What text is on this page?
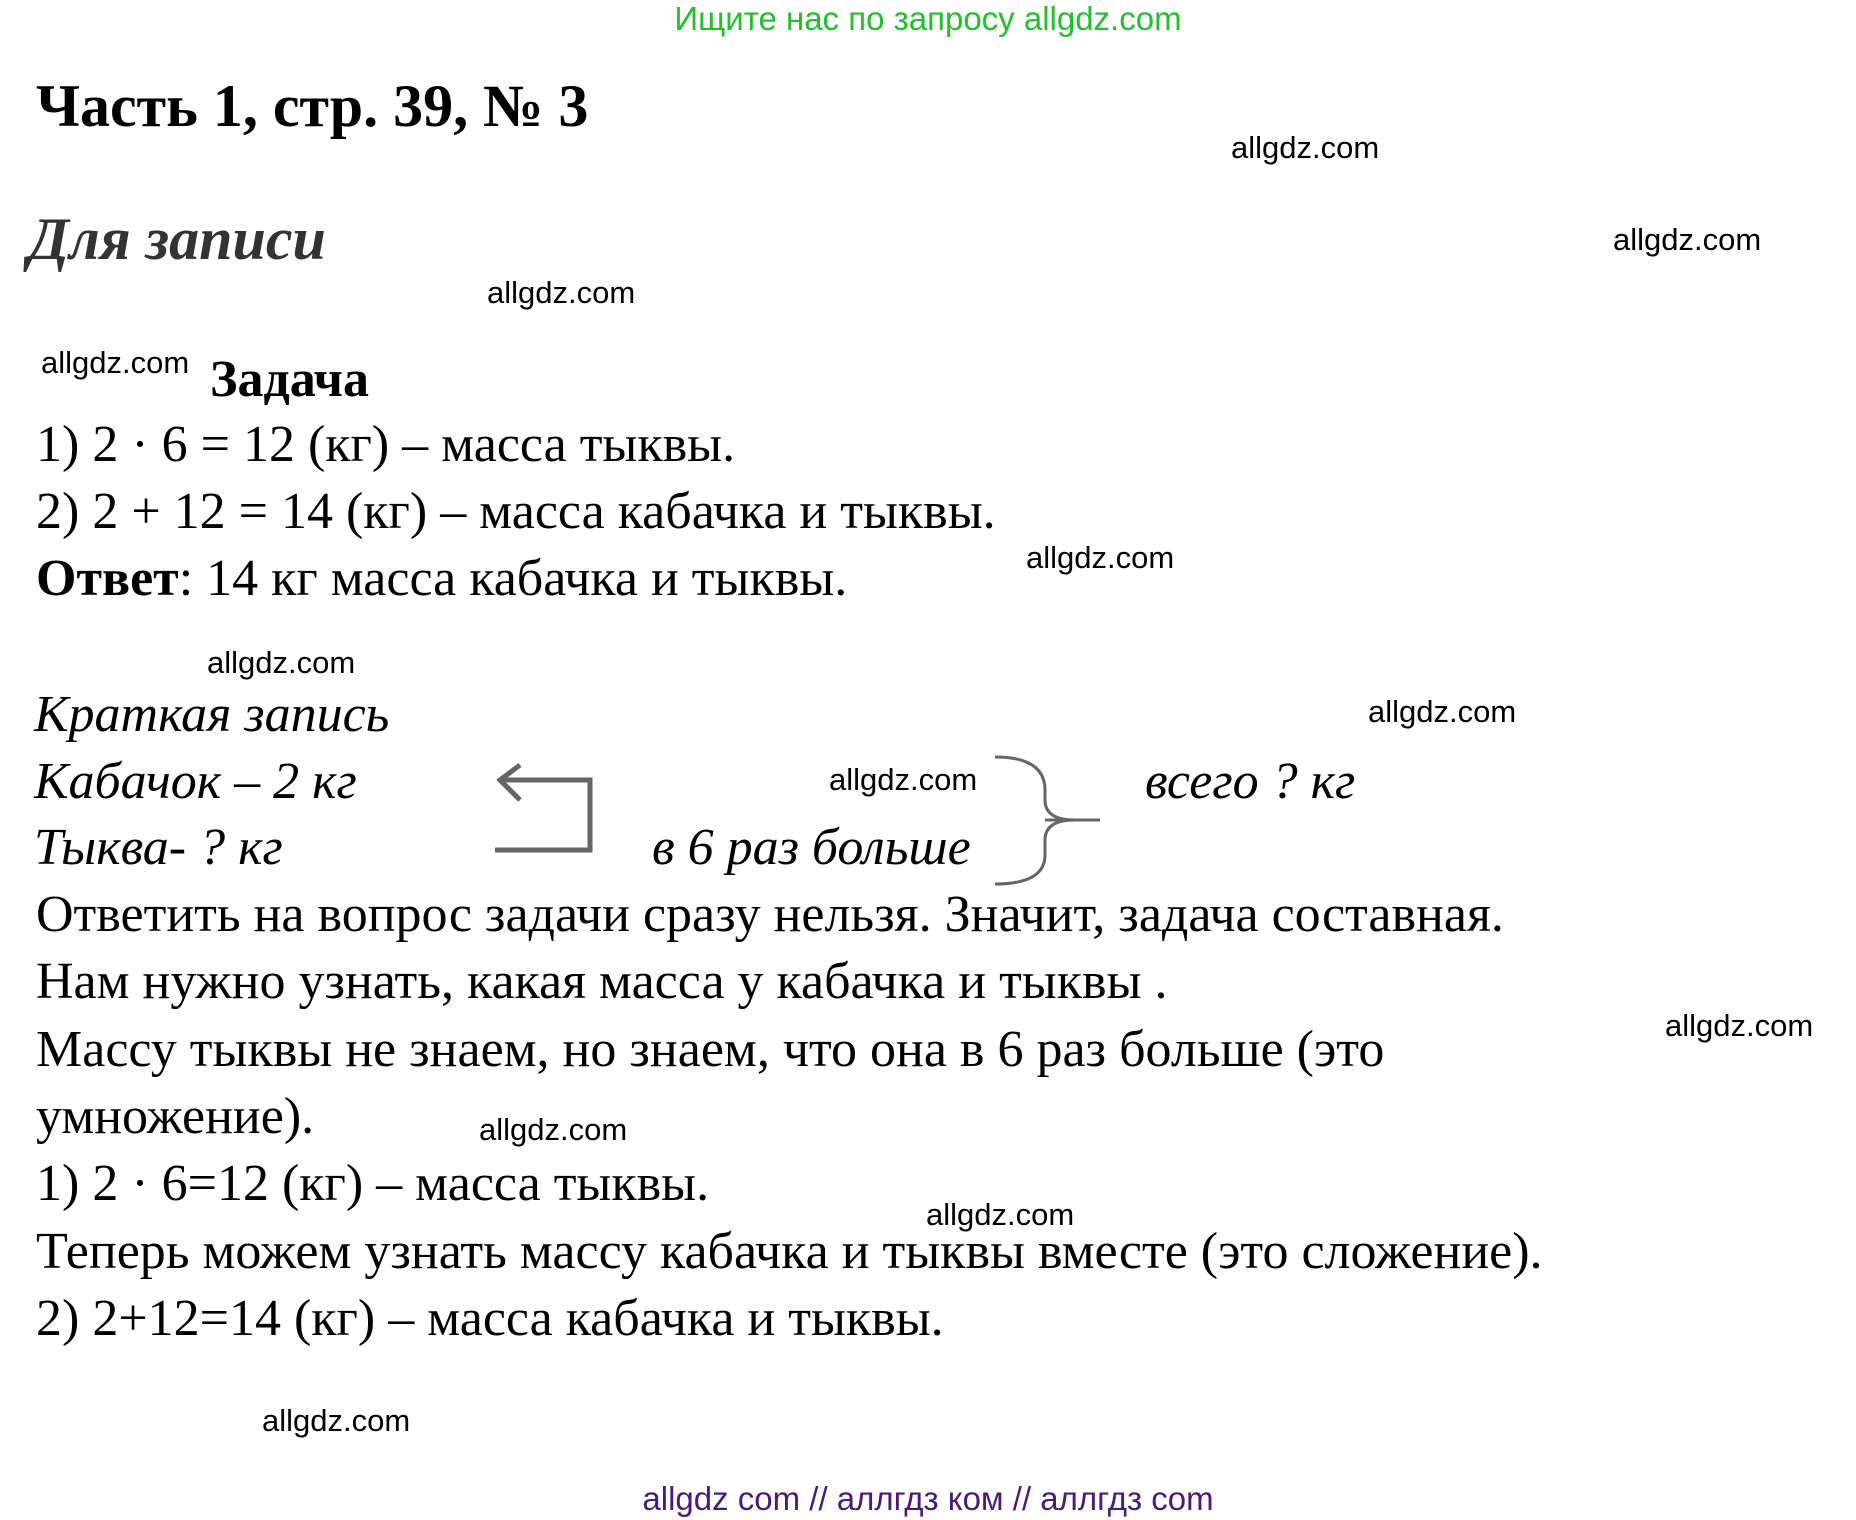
Ищите нас по запросу allgdz.com
Часть 1, стр. 39, № 3
Для записи
Задача
1) 2 · 6 = 12 (кг) – масса тыквы.
2) 2 + 12 = 14 (кг) – масса кабачка и тыквы.
Ответ: 14 кг масса кабачка и тыквы.
Краткая запись
Кабачок – 2 кг
Тыква- ? кг	в 6 раз больше
всего ? кг
Ответить на вопрос задачи сразу нельзя. Значит, задача составная.
Нам нужно узнать, какая масса у кабачка и тыквы .
Массу тыквы не знаем, но знаем, что она в 6 раз больше (это
умножение).
1) 2 · 6=12 (кг) – масса тыквы.
Теперь можем узнать массу кабачка и тыквы вместе (это сложение).
2) 2+12=14 (кг) – масса кабачка и тыквы.
allgdz.com
allgdz.com
allgdz.com
allgdz.com
allgdz.com
allgdz.com
allgdz.com
allgdz.com
allgdz.com
allgdz.com
allgdz.com
allgdz.com
allgdz com // аллгдз ком // аллгдз com
